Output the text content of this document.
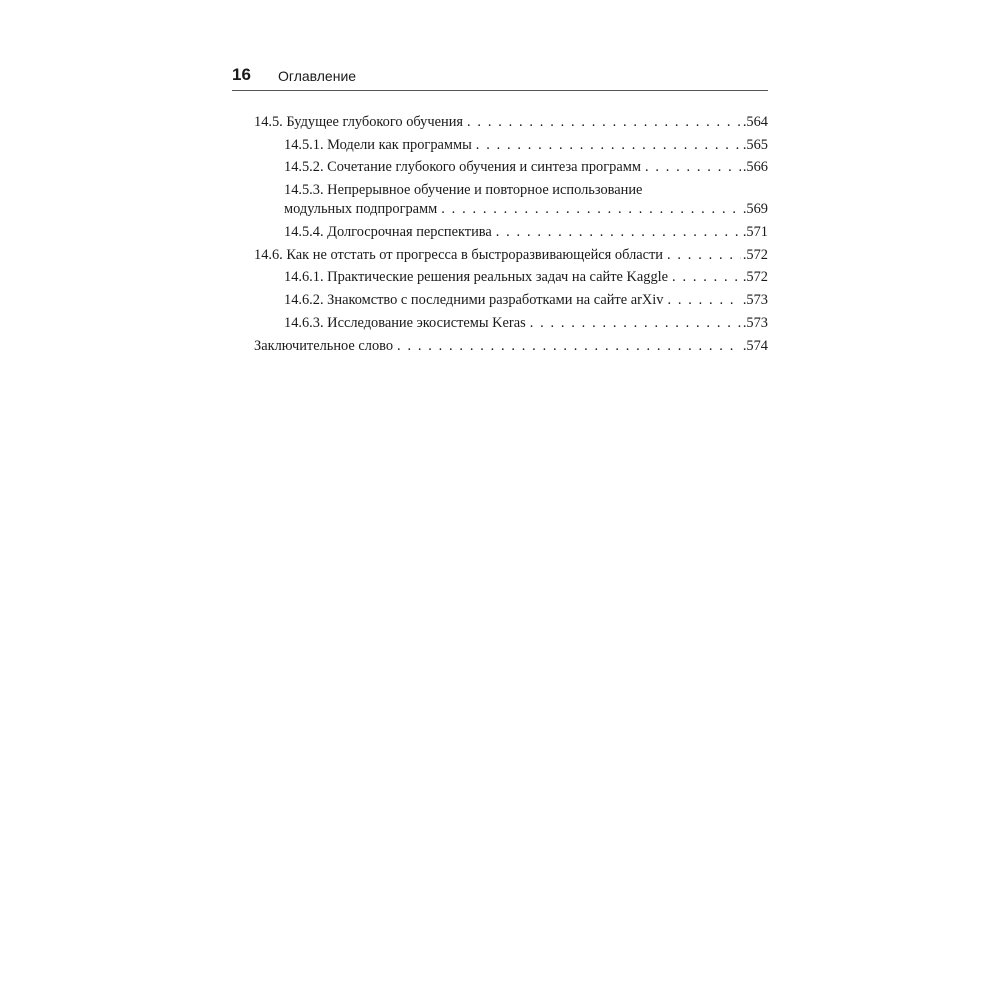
16 Оглавление
14.5. Будущее глубокого обучения . . .	.564
14.5.1. Модели как программы . . .	.565
14.5.2. Сочетание глубокого обучения и синтеза программ . . .	.566
14.5.3. Непрерывное обучение и повторное использование
модульных подпрограмм . . .	.569
14.5.4. Долгосрочная перспектива . . .	.571
14.6. Как не отстать от прогресса в быстроразвивающейся области . . .	.572
14.6.1. Практические решения реальных задач на сайте Kaggle . . .	.572
14.6.2. Знакомство с последними разработками на сайте arXiv . . .	.573
14.6.3. Исследование экосистемы Keras . . .	.573
Заключительное слово . . .	.574
